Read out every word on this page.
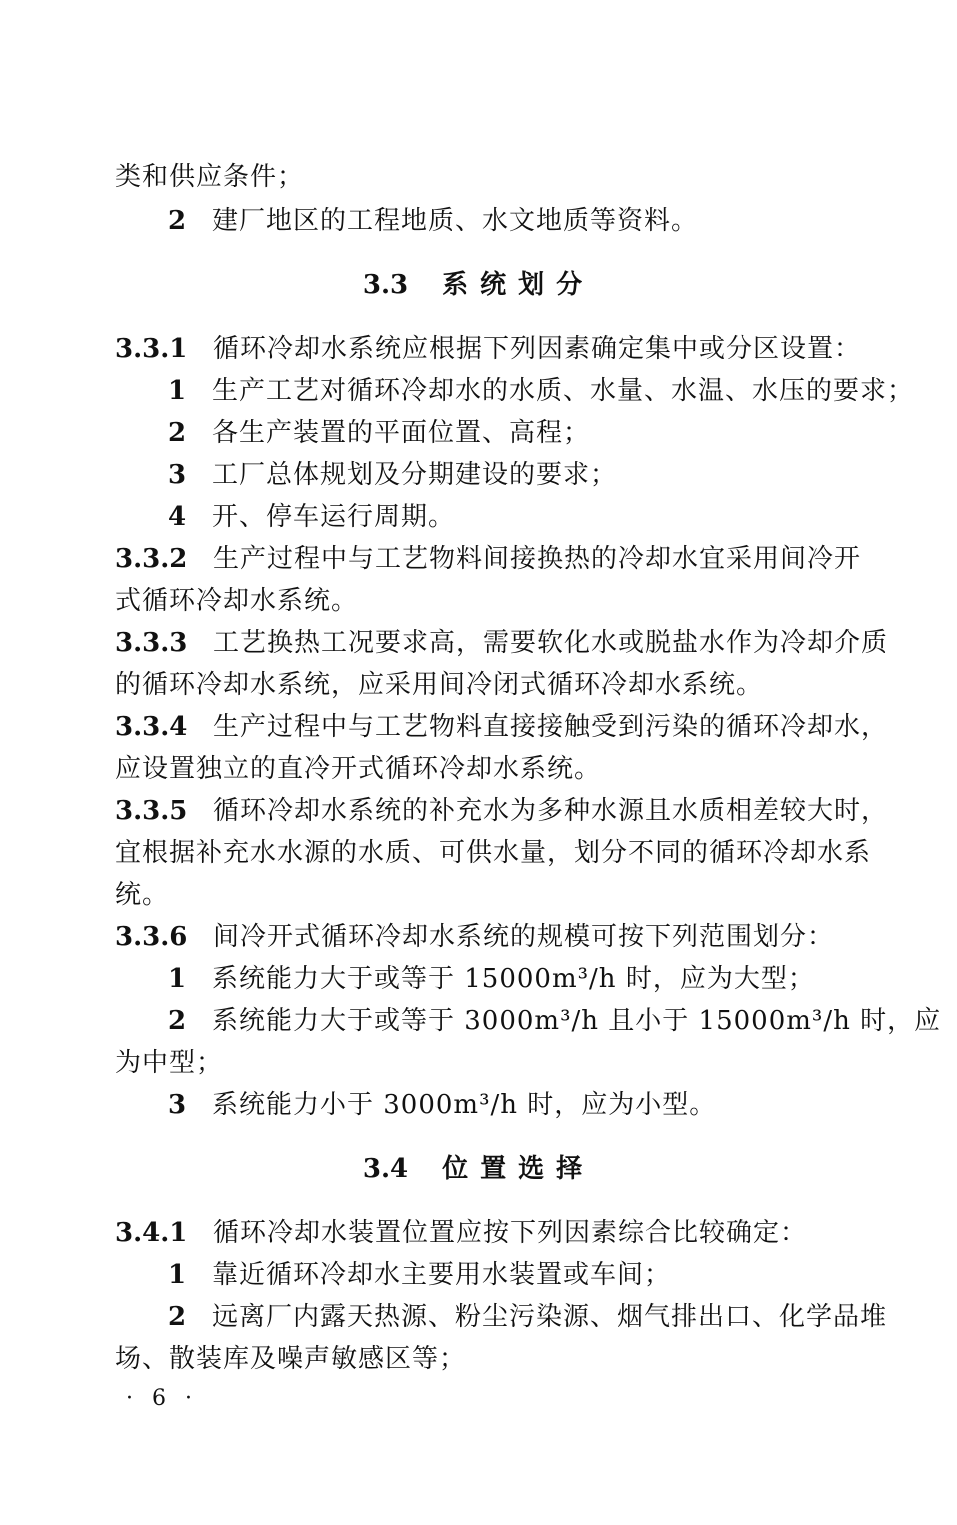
类和供应条件；
2 建厂地区的工程地质、水文地质等资料。
3.3 系统划分
3.3.1 循环冷却水系统应根据下列因素确定集中或分区设置：
1 生产工艺对循环冷却水的水质、水量、水温、水压的要求；
2 各生产装置的平面位置、高程；
3 工厂总体规划及分期建设的要求；
4 开、停车运行周期。
3.3.2 生产过程中与工艺物料间接换热的冷却水宜采用间冷开
式循环冷却水系统。
3.3.3 工艺换热工况要求高，需要软化水或脱盐水作为冷却介质
的循环冷却水系统，应采用间冷闭式循环冷却水系统。
3.3.4 生产过程中与工艺物料直接接触受到污染的循环冷却水，
应设置独立的直冷开式循环冷却水系统。
3.3.5 循环冷却水系统的补充水为多种水源且水质相差较大时，
宜根据补充水水源的水质、可供水量，划分不同的循环冷却水系
统。
3.3.6 间冷开式循环冷却水系统的规模可按下列范围划分：
1 系统能力大于或等于 15000m³/h 时，应为大型；
2 系统能力大于或等于 3000m³/h 且小于 15000m³/h 时，应
为中型；
3 系统能力小于 3000m³/h 时，应为小型。
3.4 位置选择
3.4.1 循环冷却水装置位置应按下列因素综合比较确定：
1 靠近循环冷却水主要用水装置或车间；
2 远离厂内露天热源、粉尘污染源、烟气排出口、化学品堆
场、散装库及噪声敏感区等；
· 6 ·
